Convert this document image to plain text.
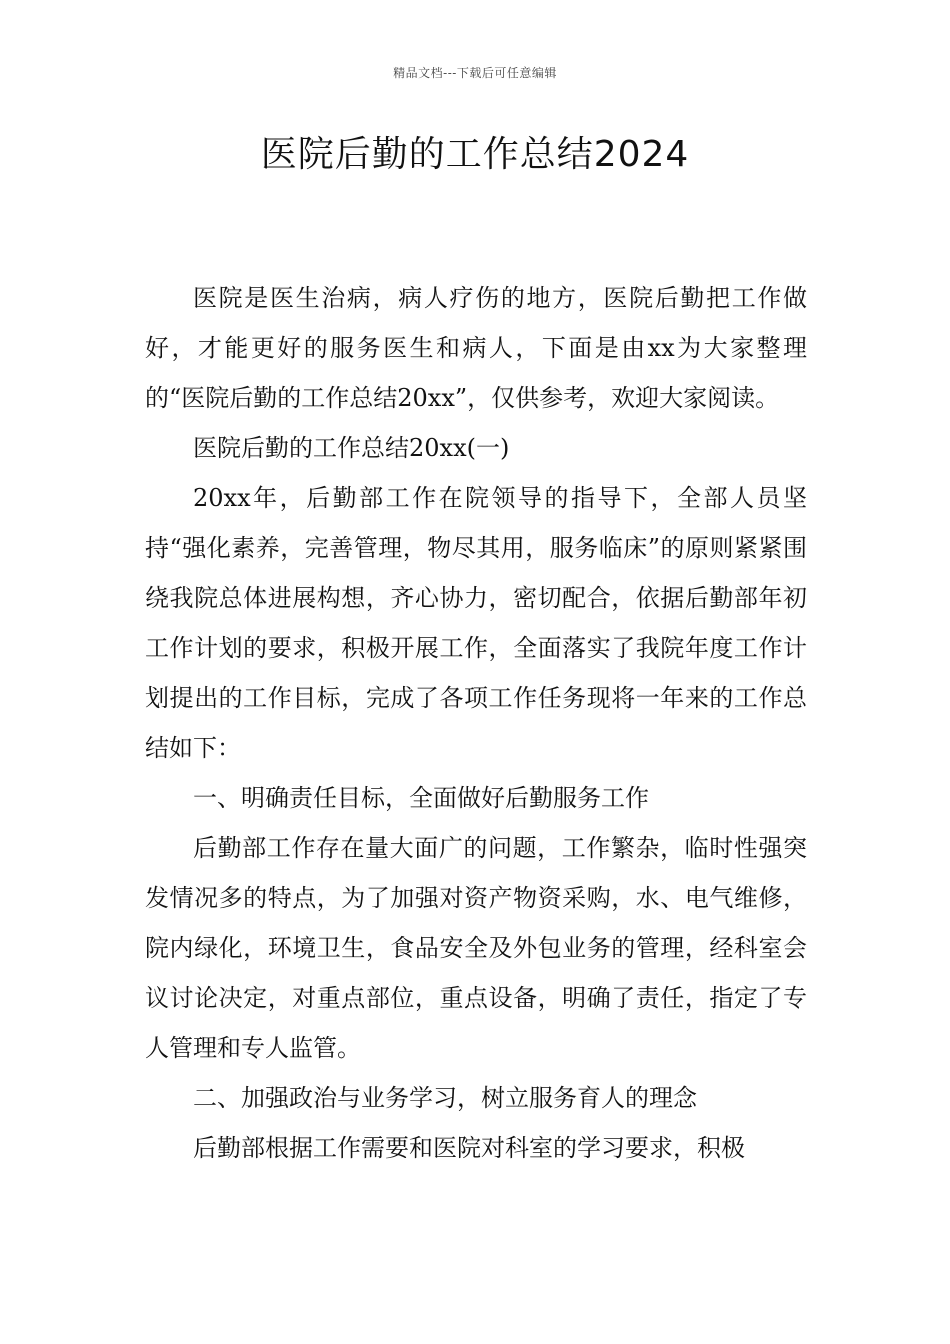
精品文档---下载后可任意编辑
医院后勤的工作总结2024

医院是医生治病，病人疗伤的地方，医院后勤把工作做好，才能更好的服务医生和病人，下面是由xx为大家整理的“医院后勤的工作总结20xx”，仅供参考，欢迎大家阅读。

医院后勤的工作总结20xx(一)

20xx年，后勤部工作在院领导的指导下，全部人员坚持“强化素养，完善管理，物尽其用，服务临床”的原则紧紧围绕我院总体进展构想，齐心协力，密切配合，依据后勤部年初工作计划的要求，积极开展工作，全面落实了我院年度工作计划提出的工作目标，完成了各项工作任务现将一年来的工作总结如下：

一、明确责任目标，全面做好后勤服务工作

后勤部工作存在量大面广的问题，工作繁杂，临时性强突发情况多的特点，为了加强对资产物资采购，水、电气维修，院内绿化，环境卫生，食品安全及外包业务的管理，经科室会议讨论决定，对重点部位，重点设备，明确了责任，指定了专人管理和专人监管。

二、加强政治与业务学习，树立服务育人的理念

后勤部根据工作需要和医院对科室的学习要求，积极
